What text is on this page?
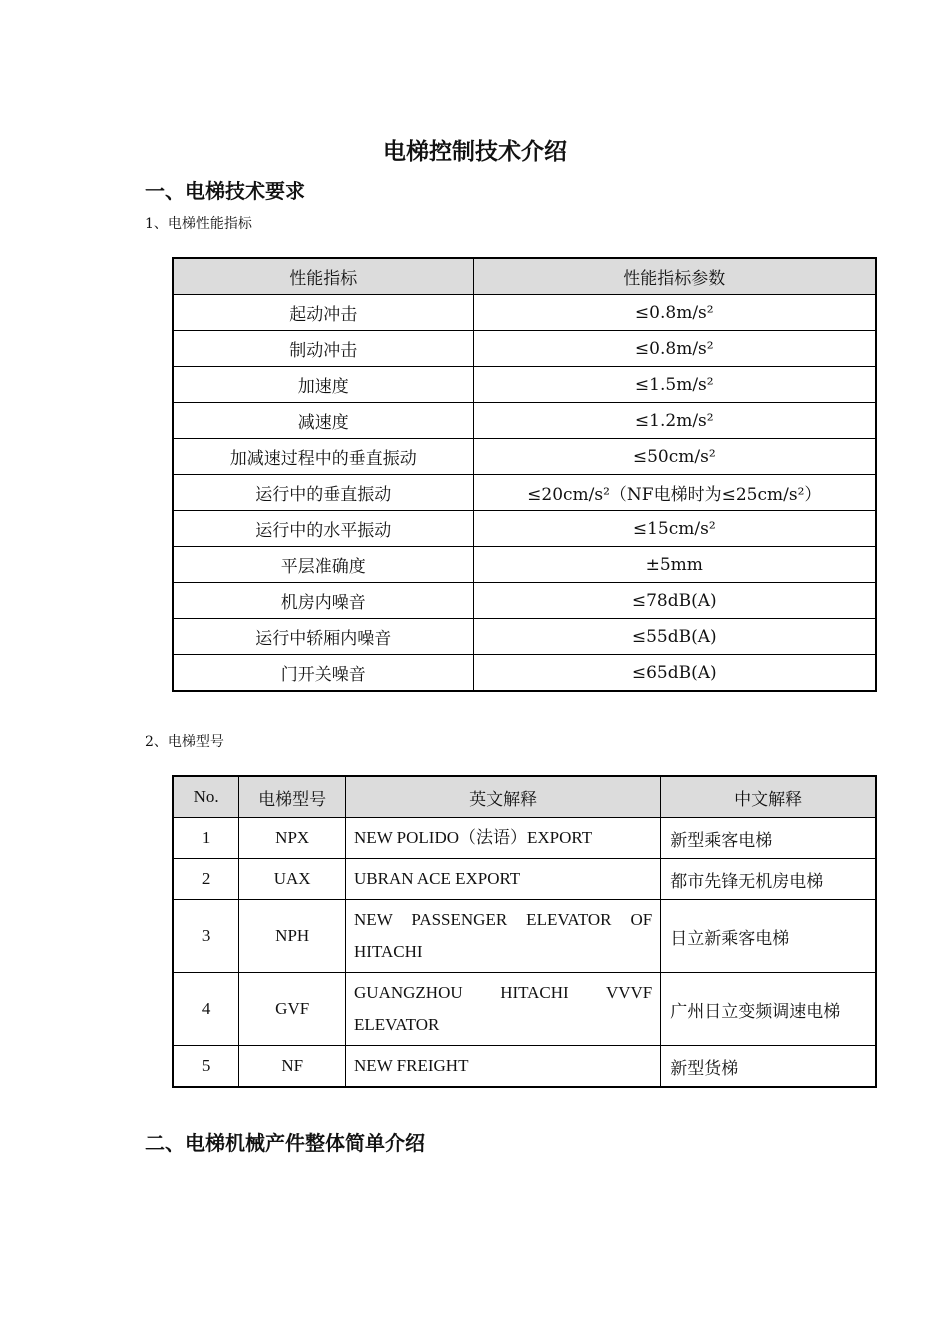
电梯控制技术介绍
一、电梯技术要求
1、电梯性能指标
性能指标	性能指标参数
起动冲击	≤0.8m/s²
制动冲击	≤0.8m/s²
加速度	≤1.5m/s²
减速度	≤1.2m/s²
加减速过程中的垂直振动	≤50cm/s²
运行中的垂直振动	≤20cm/s²（NF电梯时为≤25cm/s²）
运行中的水平振动	≤15cm/s²
平层准确度	±5mm
机房内噪音	≤78dB(A)
运行中轿厢内噪音	≤55dB(A)
门开关噪音	≤65dB(A)
2、电梯型号
No.	电梯型号	英文解释	中文解释
1	NPX	NEW POLIDO（法语）EXPORT	新型乘客电梯
2	UAX	UBRAN ACE EXPORT	都市先锋无机房电梯
3	NPH	NEW PASSENGER ELEVATOR OF HITACHI	日立新乘客电梯
4	GVF	GUANGZHOU HITACHI VVVF ELEVATOR	广州日立变频调速电梯
5	NF	NEW FREIGHT	新型货梯
二、电梯机械产件整体简单介绍
